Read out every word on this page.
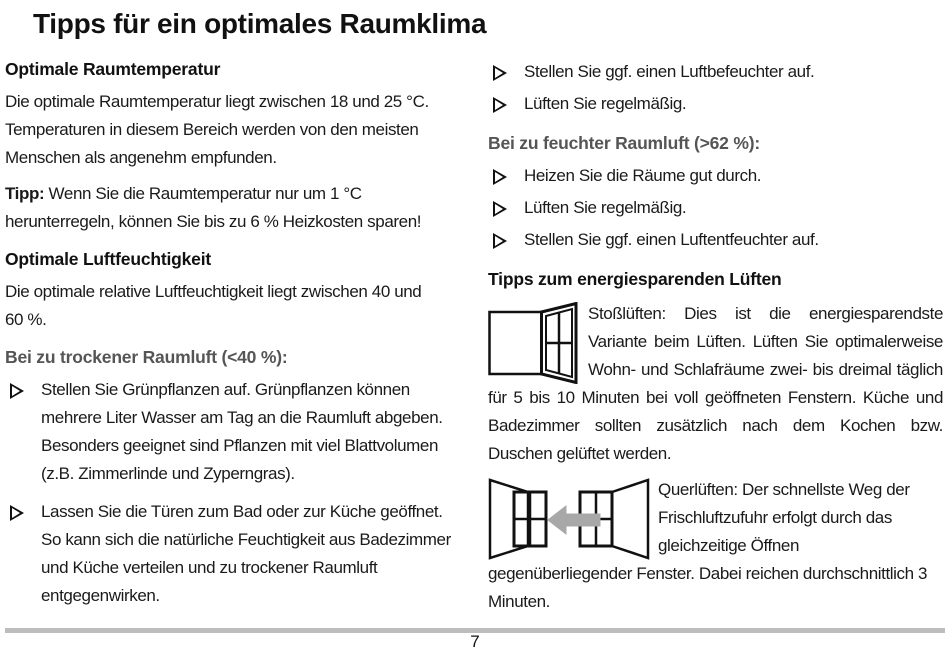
Tipps für ein optimales Raumklima
Optimale Raumtemperatur

Die optimale Raumtemperatur liegt zwischen 18 und 25 °C. Temperaturen in diesem Bereich werden von den meisten Menschen als angenehm empfunden.

Tipp: Wenn Sie die Raumtemperatur nur um 1 °C herunterregeln, können Sie bis zu 6 % Heizkosten sparen!

Optimale Luftfeuchtigkeit

Die optimale relative Luftfeuchtigkeit liegt zwischen 40 und 60 %.

Bei zu trockener Raumluft (<40 %):
Stellen Sie Grünpflanzen auf. Grünpflanzen können mehrere Liter Wasser am Tag an die Raumluft abgeben. Besonders geeignet sind Pflanzen mit viel Blattvolumen (z.B. Zimmerlinde und Zyperngras).
Lassen Sie die Türen zum Bad oder zur Küche geöffnet. So kann sich die natürliche Feuchtigkeit aus Badezimmer und Küche verteilen und zu trockener Raumluft entgegenwirken.
Stellen Sie ggf. einen Luftbefeuchter auf.
Lüften Sie regelmäßig.
Bei zu feuchter Raumluft (>62 %):
Heizen Sie die Räume gut durch.
Lüften Sie regelmäßig.
Stellen Sie ggf. einen Luftentfeuchter auf.
Tipps zum energiesparenden Lüften

Stoßlüften: Dies ist die energiesparendste Variante beim Lüften. Lüften Sie optimalerweise Wohn- und Schlafräume zwei- bis dreimal täglich für 5 bis 10 Minuten bei voll geöffneten Fenstern. Küche und Badezimmer sollten zusätzlich nach dem Kochen bzw. Duschen gelüftet werden.

Querlüften: Der schnellste Weg der Frischluftzufuhr erfolgt durch das gleichzeitige Öffnen gegenüberliegender Fenster. Dabei reichen durchschnittlich 3 Minuten.

7
